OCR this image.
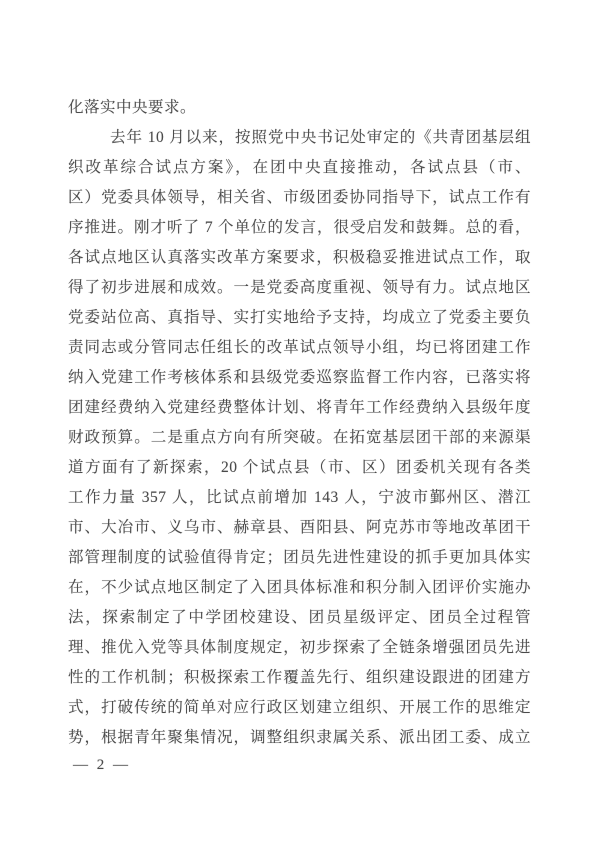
化落实中央要求。
去年 10 月以来，按照党中央书记处审定的《共青团基层组
织改革综合试点方案》，在团中央直接推动，各试点县（市、
区）党委具体领导，相关省、市级团委协同指导下，试点工作有
序推进。刚才听了 7 个单位的发言，很受启发和鼓舞。总的看，
各试点地区认真落实改革方案要求，积极稳妥推进试点工作，取
得了初步进展和成效。一是党委高度重视、领导有力。试点地区
党委站位高、真指导、实打实地给予支持，均成立了党委主要负
责同志或分管同志任组长的改革试点领导小组，均已将团建工作
纳入党建工作考核体系和县级党委巡察监督工作内容，已落实将
团建经费纳入党建经费整体计划、将青年工作经费纳入县级年度
财政预算。二是重点方向有所突破。在拓宽基层团干部的来源渠
道方面有了新探索，20 个试点县（市、区）团委机关现有各类
工作力量 357 人，比试点前增加 143 人，宁波市鄞州区、潜江
市、大冶市、义乌市、赫章县、酉阳县、阿克苏市等地改革团干
部管理制度的试验值得肯定；团员先进性建设的抓手更加具体实
在，不少试点地区制定了入团具体标准和积分制入团评价实施办
法，探索制定了中学团校建设、团员星级评定、团员全过程管
理、推优入党等具体制度规定，初步探索了全链条增强团员先进
性的工作机制；积极探索工作覆盖先行、组织建设跟进的团建方
式，打破传统的简单对应行政区划建立组织、开展工作的思维定
势，根据青年聚集情况，调整组织隶属关系、派出团工委、成立
— 2 —
